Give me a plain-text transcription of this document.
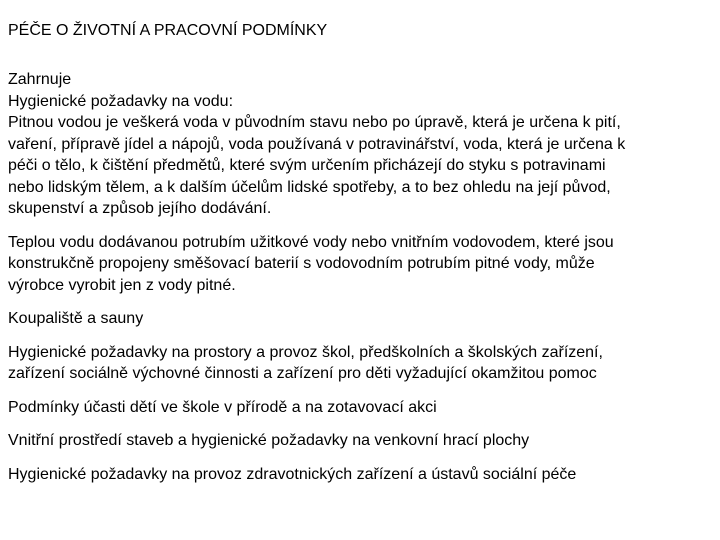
PÉČE O ŽIVOTNÍ A PRACOVNÍ PODMÍNKY
Zahrnuje
Hygienické požadavky na vodu:
Pitnou vodou je veškerá voda v původním stavu nebo po úpravě, která je určena k pití,
vaření, přípravě jídel a nápojů, voda používaná v potravinářství, voda, která je určena k
péči o tělo, k čištění předmětů, které svým určením přicházejí do styku s potravinami
nebo lidským tělem, a k dalším účelům lidské spotřeby, a to bez ohledu na její původ,
skupenství a způsob jejího dodávání.
Teplou vodu dodávanou potrubím užitkové vody nebo vnitřním vodovodem, které jsou
konstrukčně propojeny směšovací baterií s vodovodním potrubím pitné vody, může
výrobce vyrobit jen z vody pitné.
Koupaliště a sauny
Hygienické požadavky na prostory a provoz škol, předškolních a školských zařízení,
zařízení sociálně výchovné činnosti a zařízení pro děti vyžadující okamžitou pomoc
Podmínky účasti dětí ve škole v přírodě a na zotavovací akci
Vnitřní prostředí staveb a hygienické požadavky na venkovní hrací plochy
Hygienické požadavky na provoz zdravotnických zařízení a ústavů sociální péče
